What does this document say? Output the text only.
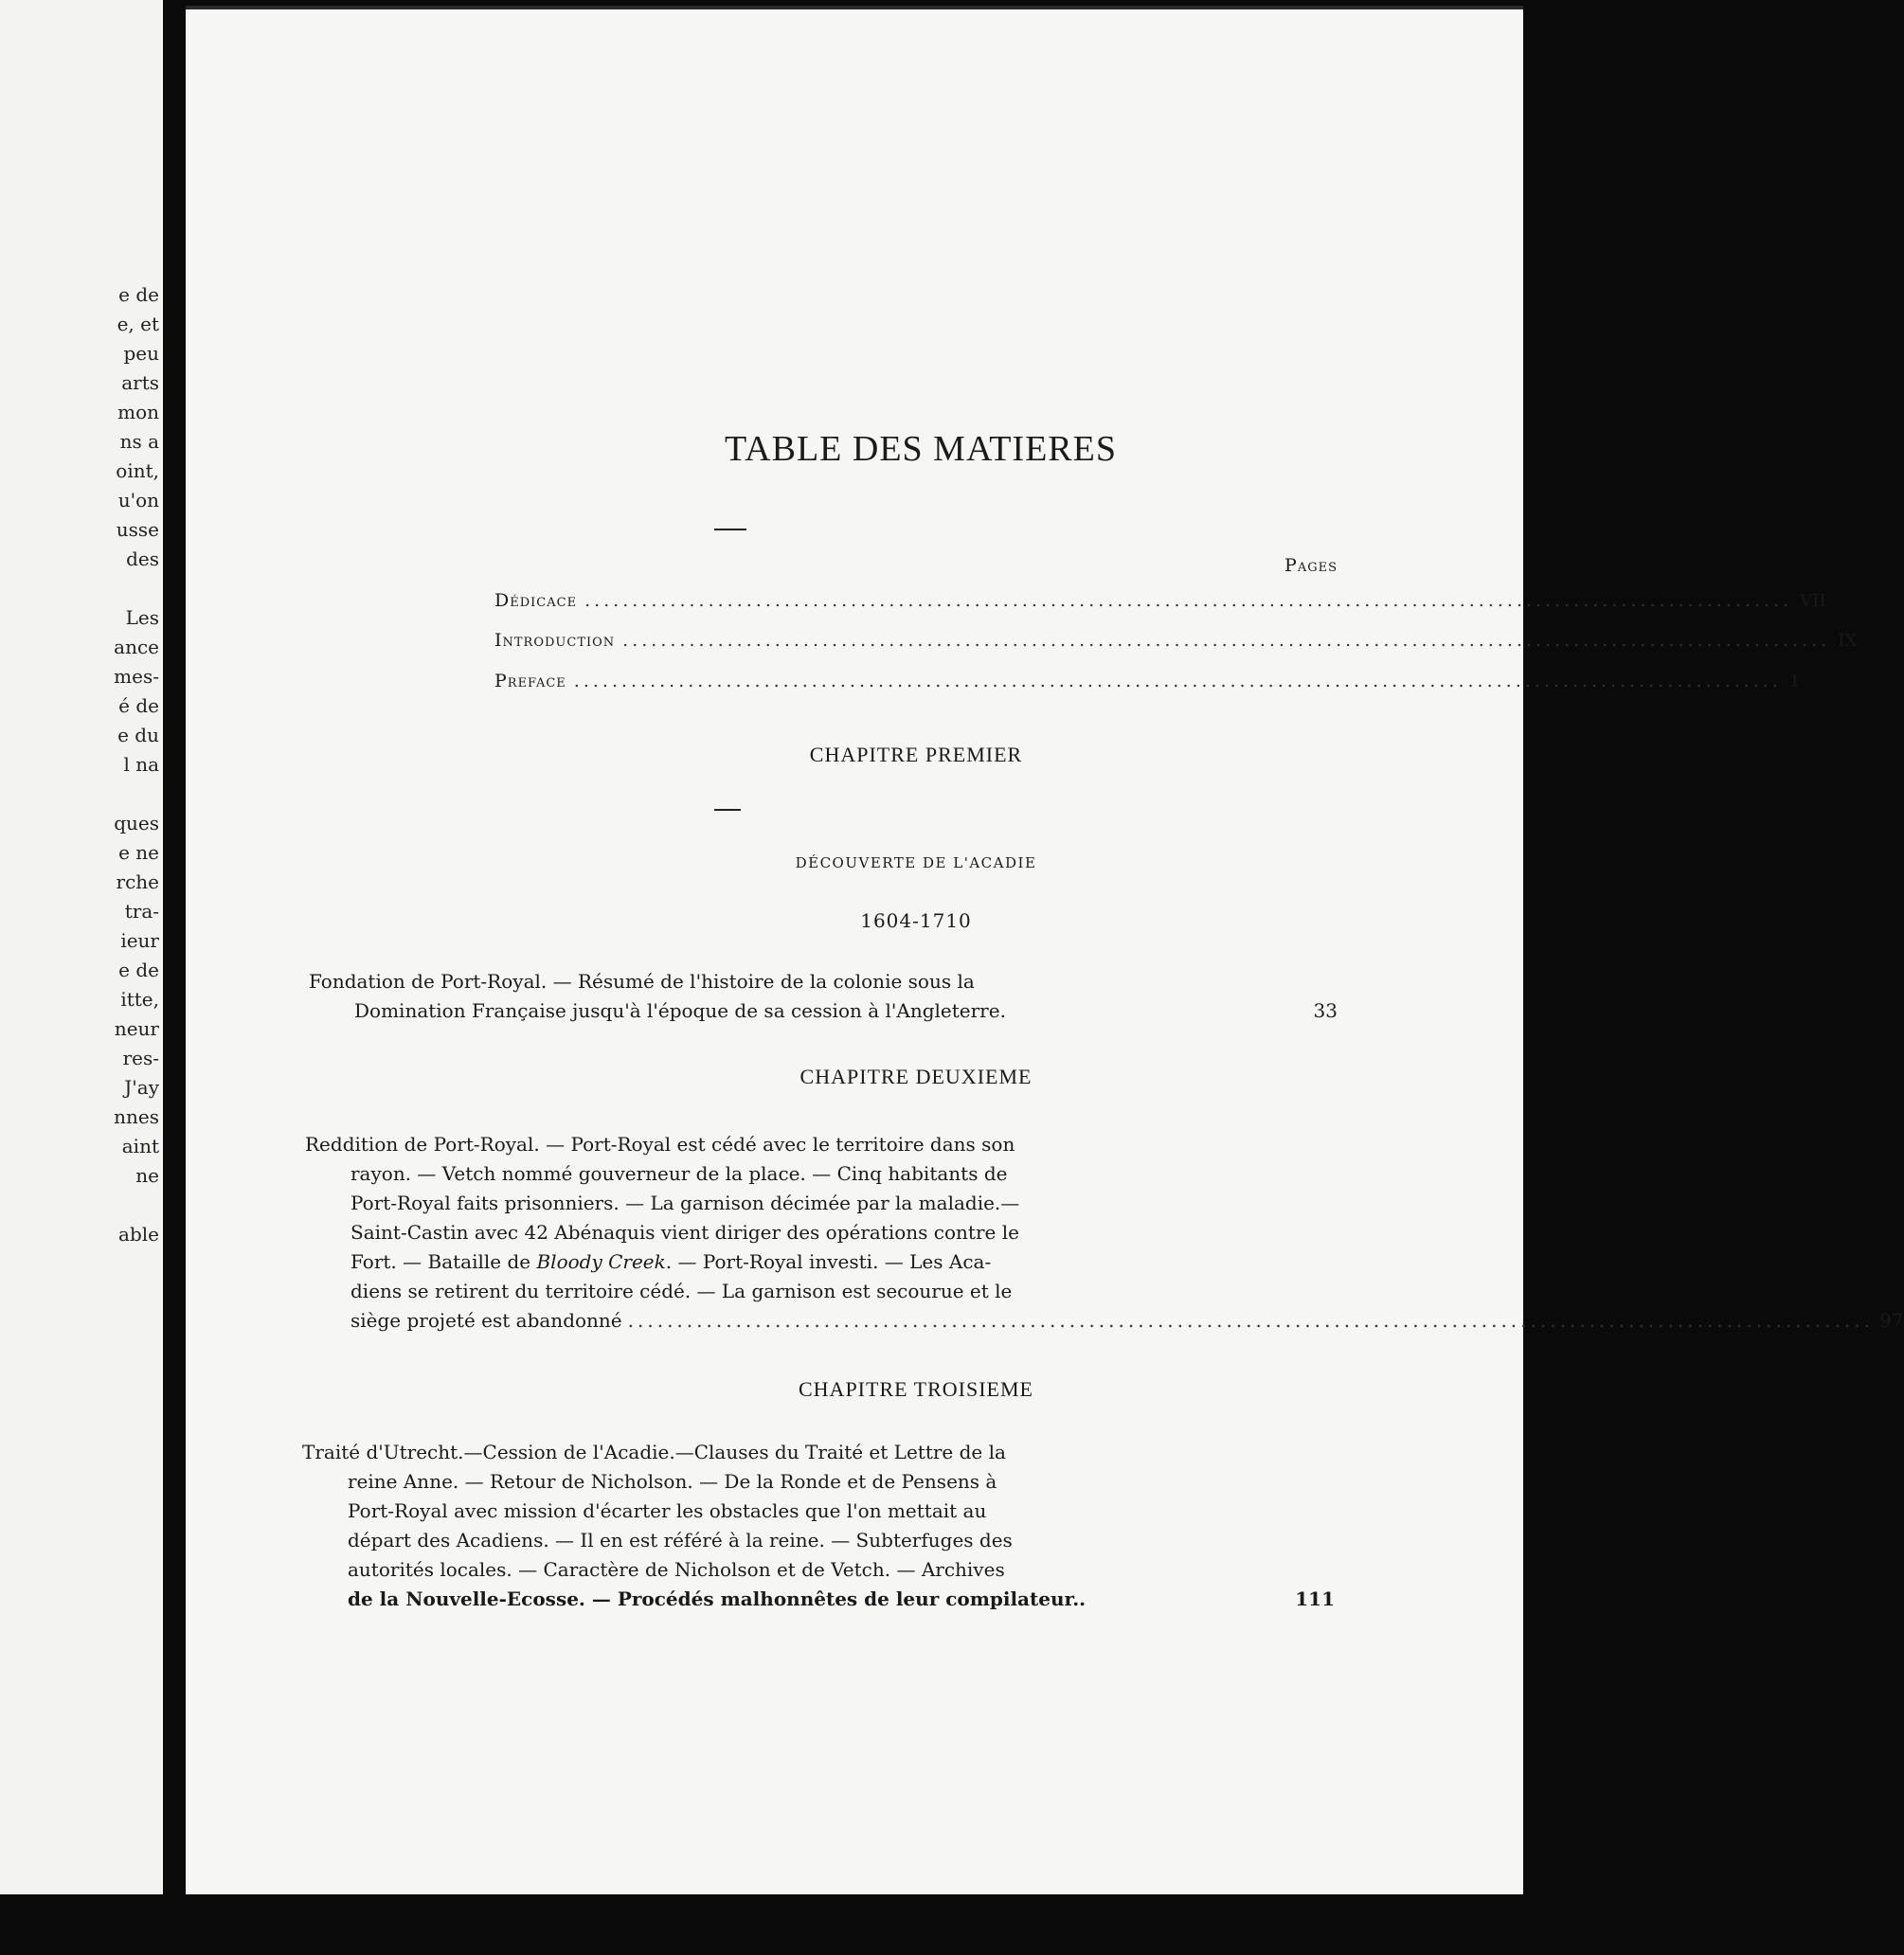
e de
e, et
peu
arts
mon
ns a
oint,
u'on
usse
des
Les
ance
mes-
é de
e du
l na
ques
e ne
rche
tra-
ieur
e de
itte,
neur
res-
J'ay
nnes
aint
ne
able
TABLE DES MATIERES
Pages
Dédicace ............................................................................................................................... VII
Introduction ............................................................................................................................... IX
Preface ............................................................................................................................... 1
CHAPITRE PREMIER
DÉCOUVERTE DE L'ACADIE
1604-1710
Fondation de Port-Royal. — Résumé de l'histoire de la colonie sous la
Domination Française jusqu'à l'époque de sa cession à l'Angleterre.	33
CHAPITRE DEUXIEME
Reddition de Port-Royal. — Port-Royal est cédé avec le territoire dans son
rayon. — Vetch nommé gouverneur de la place. — Cinq habitants de
Port-Royal faits prisonniers. — La garnison décimée par la maladie.—
Saint-Castin avec 42 Abénaquis vient diriger des opérations contre le
Fort. — Bataille de Bloody Creek. — Port-Royal investi. — Les Aca-
diens se retirent du territoire cédé. — La garnison est secourue et le
siège projeté est abandonné ............................................................................................................................... 97
CHAPITRE TROISIEME
Traité d'Utrecht.—Cession de l'Acadie.—Clauses du Traité et Lettre de la
reine Anne. — Retour de Nicholson. — De la Ronde et de Pensens à
Port-Royal avec mission d'écarter les obstacles que l'on mettait au
départ des Acadiens. — Il en est référé à la reine. — Subterfuges des
autorités locales. — Caractère de Nicholson et de Vetch. — Archives
de la Nouvelle-Ecosse. — Procédés malhonnêtes de leur compilateur..	111
